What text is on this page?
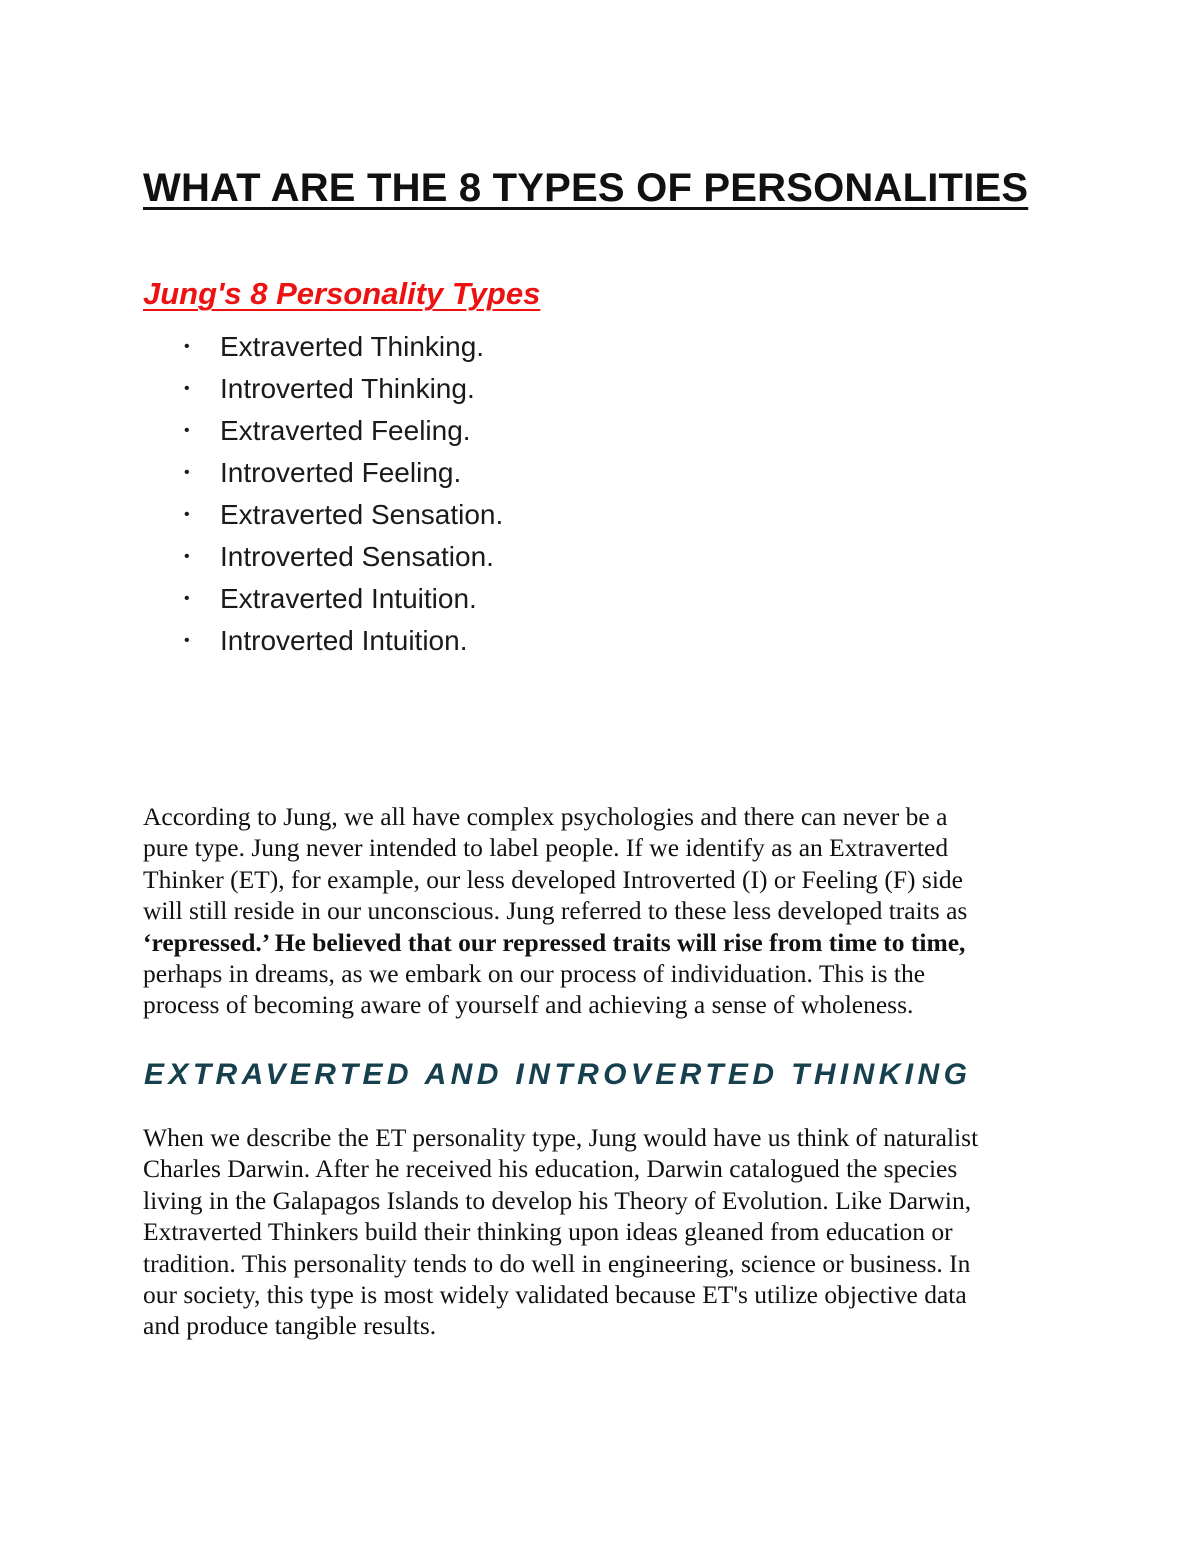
WHAT ARE THE 8 TYPES OF PERSONALITIES
Jung's 8 Personality Types
•	Extraverted Thinking.
•	Introverted Thinking.
•	Extraverted Feeling.
•	Introverted Feeling.
•	Extraverted Sensation.
•	Introverted Sensation.
•	Extraverted Intuition.
•	Introverted Intuition.

According to Jung, we all have complex psychologies and there can never be a
pure type. Jung never intended to label people. If we identify as an Extraverted
Thinker (ET), for example, our less developed Introverted (I) or Feeling (F) side
will still reside in our unconscious. Jung referred to these less developed traits as
‘repressed.’ He believed that our repressed traits will rise from time to time,
perhaps in dreams, as we embark on our process of individuation. This is the
process of becoming aware of yourself and achieving a sense of wholeness.

EXTRAVERTED AND INTROVERTED THINKING

When we describe the ET personality type, Jung would have us think of naturalist
Charles Darwin. After he received his education, Darwin catalogued the species
living in the Galapagos Islands to develop his Theory of Evolution. Like Darwin,
Extraverted Thinkers build their thinking upon ideas gleaned from education or
tradition. This personality tends to do well in engineering, science or business. In
our society, this type is most widely validated because ET's utilize objective data
and produce tangible results.
